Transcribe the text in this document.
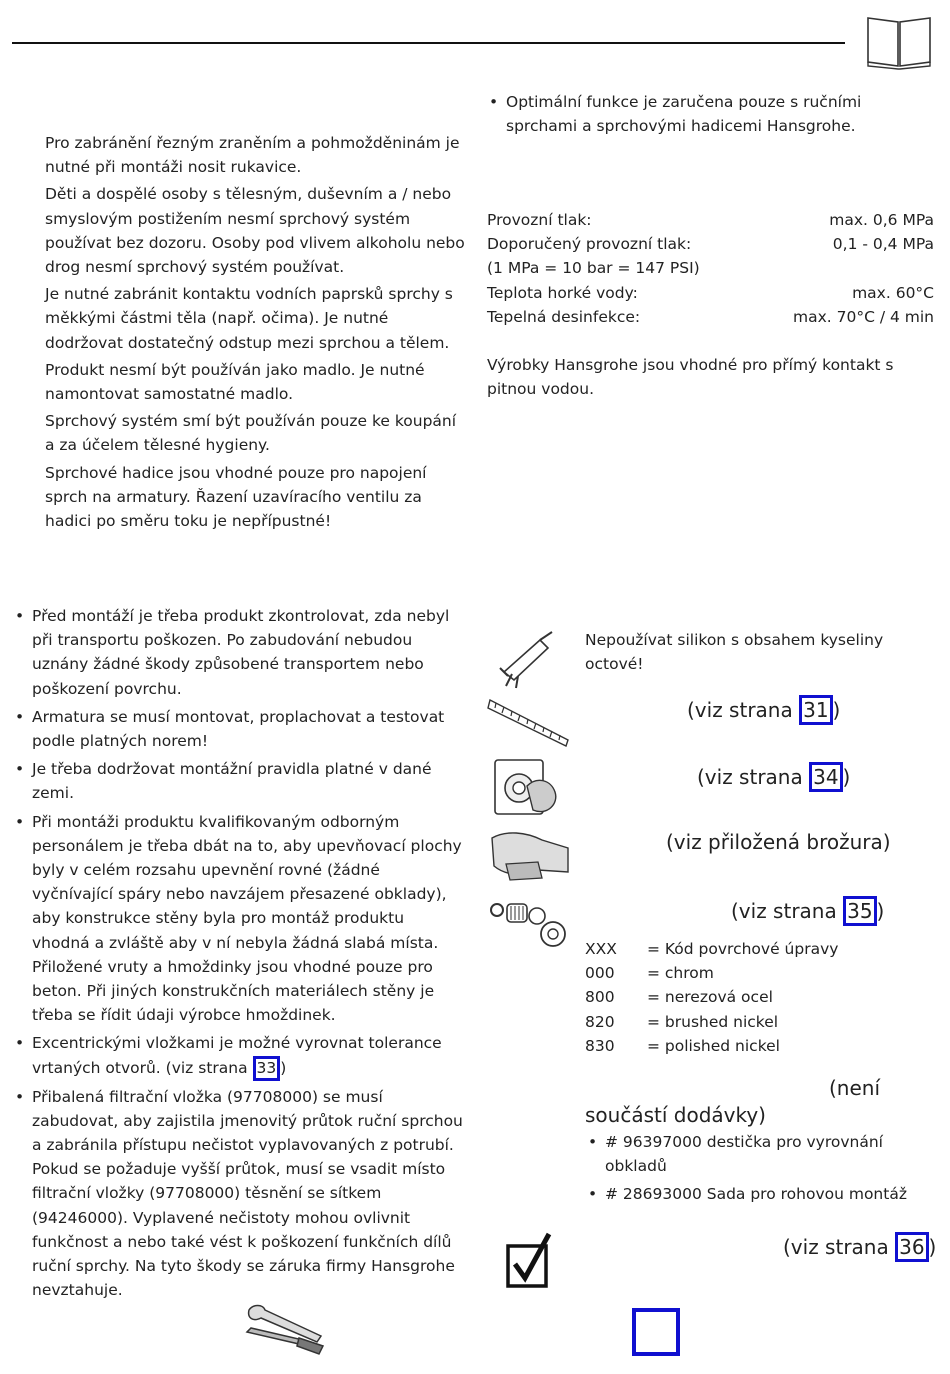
Pro zabránění řezným zraněním a pohmožděninám je nutné při montáži nosit rukavice.

Děti a dospělé osoby s tělesným, duševním a / nebo smyslovým postižením nesmí sprchový systém používat bez dozoru. Osoby pod vlivem alkoholu nebo drog nesmí sprchový systém používat.

Je nutné zabránit kontaktu vodních paprsků sprchy s měkkými částmi těla (např. očima). Je nutné dodržovat dostatečný odstup mezi sprchou a tělem.

Produkt nesmí být používán jako madlo. Je nutné namontovat samostatné madlo.

Sprchový systém smí být používán pouze ke koupání a za účelem tělesné hygieny.

Sprchové hadice jsou vhodné pouze pro napojení sprch na armatury. Řazení uzavíracího ventilu za hadici po směru toku je nepřípustné!

• Optimální funkce je zaručena pouze s ručními sprchami a sprchovými hadicemi Hansgrohe.
Provozní tlak:	max. 0,6 MPa
Doporučený provozní tlak:	0,1 - 0,4 MPa
(1 MPa = 10 bar = 147 PSI)
Teplota horké vody:	max. 60°C
Tepelná desinfekce:	max. 70°C / 4 min
Výrobky Hansgrohe jsou vhodné pro přímý kontakt s pitnou vodou.
• Před montáží je třeba produkt zkontrolovat, zda nebyl při transportu poškozen. Po zabudování nebudou uznány žádné škody způsobené transportem nebo poškození povrchu.
• Armatura se musí montovat, proplachovat a testovat podle platných norem!
• Je třeba dodržovat montážní pravidla platné v dané zemi.
• Při montáži produktu kvalifikovaným odborným personálem je třeba dbát na to, aby upevňovací plochy byly v celém rozsahu upevnění rovné (žádné vyčnívající spáry nebo navzájem přesazené obklady), aby konstrukce stěny byla pro montáž produktu vhodná a zvláště aby v ní nebyla žádná slabá místa. Přiložené vruty a hmoždinky jsou vhodné pouze pro beton. Při jiných konstrukčních materiálech stěny je třeba se řídit údaji výrobce hmoždinek.
• Excentrickými vložkami je možné vyrovnat tolerance vrtaných otvorů. (viz strana 33 )
• Přibalená filtrační vložka (97708000) se musí zabudovat, aby zajistila jmenovitý průtok ruční sprchou a zabránila přístupu nečistot vyplavovaných z potrubí. Pokud se požaduje vyšší průtok, musí se vsadit místo filtrační vložky (97708000) těsnění se sítkem (94246000). Vyplavené nečistoty mohou ovlivnit funkčnost a nebo také vést k poškození funkčních dílů ruční sprchy. Na tyto škody se záruka firmy Hansgrohe nevztahuje.
Nepoužívat silikon s obsahem kyseliny octové!
(viz strana 31 )
(viz strana 34 )
(viz přiložená brožura)
(viz strana 35 )
XXX	= Kód povrchové úpravy
000	= chrom
800	= nerezová ocel
820	= brushed nickel
830	= polished nickel
(není
součástí dodávky)
• # 96397000 destička pro vyrovnání obkladů
• # 28693000 Sada pro rohovou montáž
(viz strana 36 )
